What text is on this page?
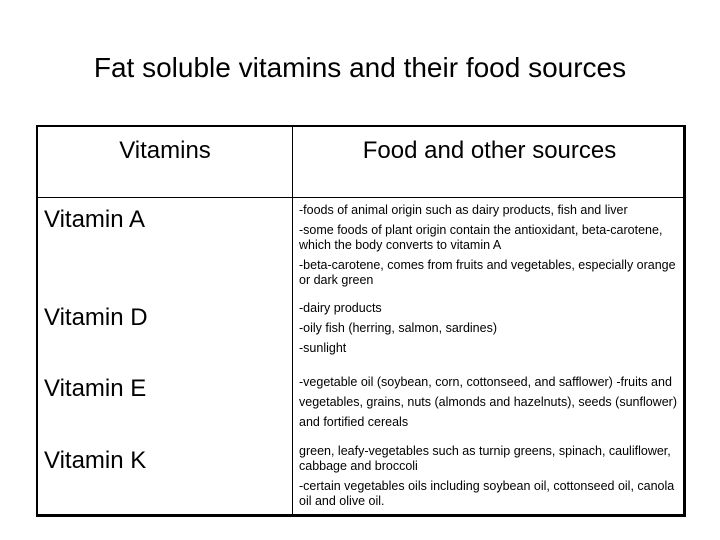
Fat soluble vitamins and their food sources
Vitamins	Food and other sources
Vitamin A	-foods of animal origin such as dairy products, fish and liver
-some foods of plant origin contain the antioxidant, beta-carotene, which the body converts to vitamin A
-beta-carotene, comes from fruits and vegetables, especially orange or dark green
Vitamin D	-dairy products
-oily fish (herring, salmon, sardines)
-sunlight
Vitamin E	-vegetable oil (soybean, corn, cottonseed, and safflower) -fruits and vegetables, grains, nuts (almonds and hazelnuts), seeds (sunflower) and fortified cereals
Vitamin K	green, leafy-vegetables such as turnip greens, spinach, cauliflower, cabbage and broccoli
-certain vegetables oils including soybean oil, cottonseed oil, canola oil and olive oil.
